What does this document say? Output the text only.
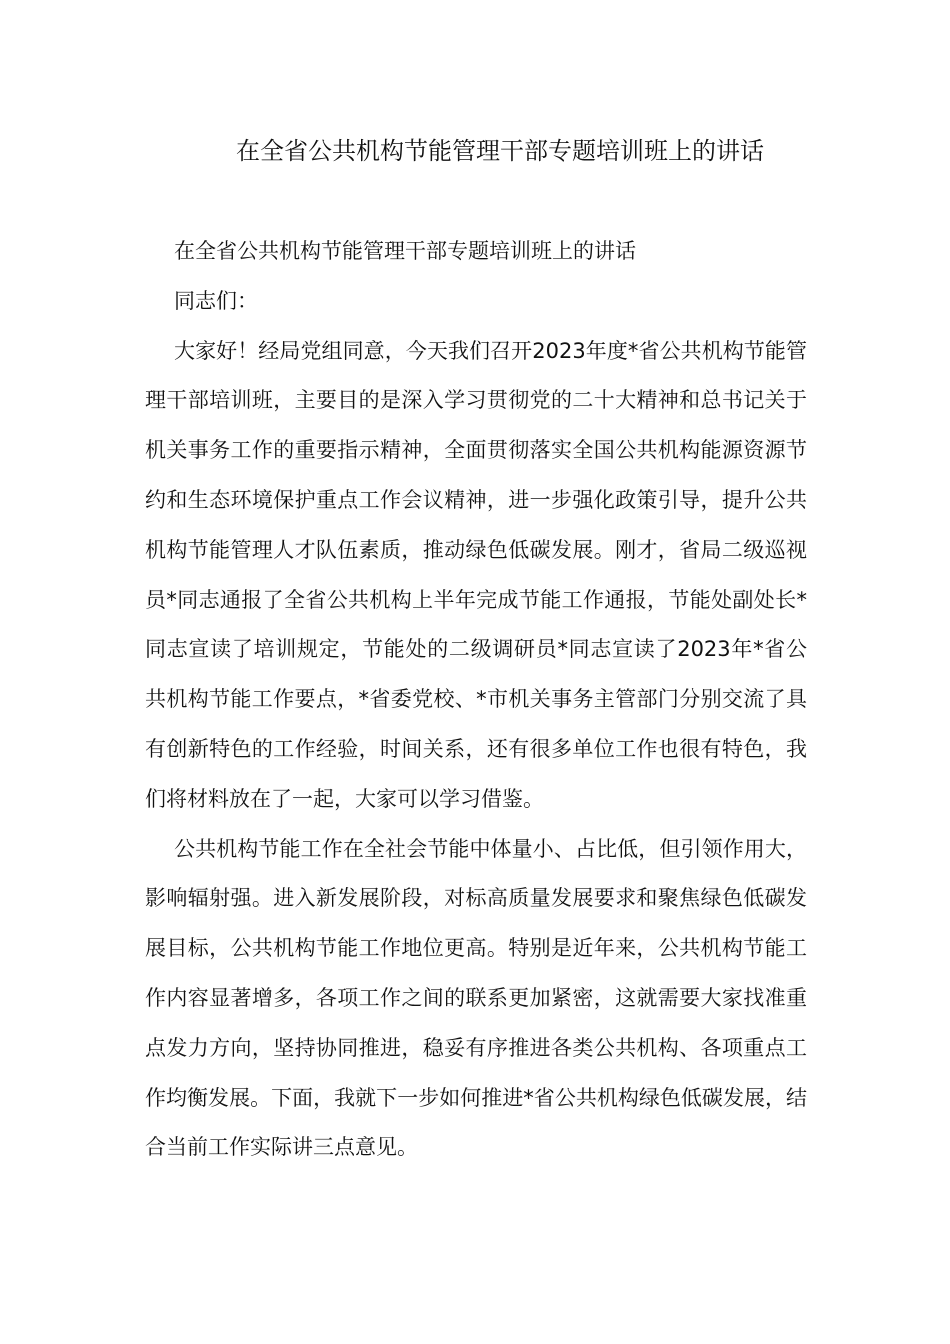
在全省公共机构节能管理干部专题培训班上的讲话

在全省公共机构节能管理干部专题培训班上的讲话

同志们：

大家好！经局党组同意，今天我们召开2023年度*省公共机构节能管理干部培训班，主要目的是深入学习贯彻党的二十大精神和总书记关于机关事务工作的重要指示精神，全面贯彻落实全国公共机构能源资源节约和生态环境保护重点工作会议精神，进一步强化政策引导，提升公共机构节能管理人才队伍素质，推动绿色低碳发展。刚才，省局二级巡视员*同志通报了全省公共机构上半年完成节能工作通报，节能处副处长*同志宣读了培训规定，节能处的二级调研员*同志宣读了2023年*省公共机构节能工作要点，*省委党校、*市机关事务主管部门分别交流了具有创新特色的工作经验，时间关系，还有很多单位工作也很有特色，我们将材料放在了一起，大家可以学习借鉴。

公共机构节能工作在全社会节能中体量小、占比低，但引领作用大，影响辐射强。进入新发展阶段，对标高质量发展要求和聚焦绿色低碳发展目标，公共机构节能工作地位更高。特别是近年来，公共机构节能工作内容显著增多，各项工作之间的联系更加紧密，这就需要大家找准重点发力方向，坚持协同推进，稳妥有序推进各类公共机构、各项重点工作均衡发展。下面，我就下一步如何推进*省公共机构绿色低碳发展，结合当前工作实际讲三点意见。
